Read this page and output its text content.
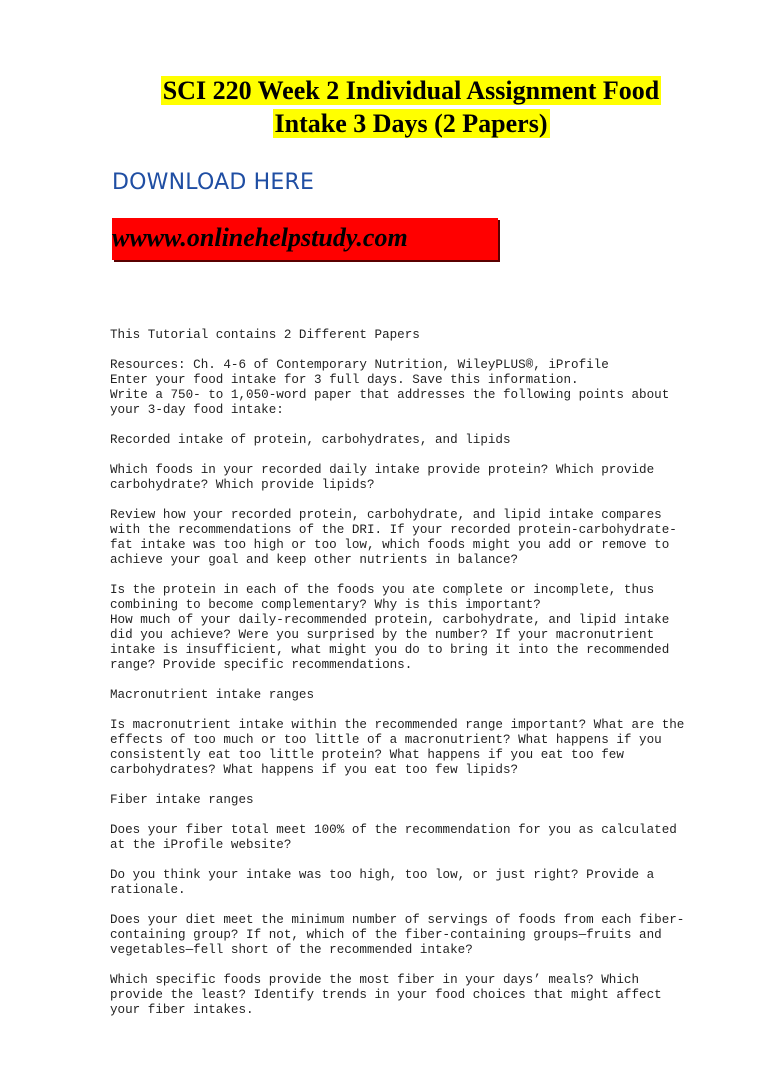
SCI 220 Week 2 Individual Assignment Food
Intake 3 Days (2 Papers)
DOWNLOAD HERE
wwww.onlinehelpstudy.com

This Tutorial contains 2 Different Papers

Resources: Ch. 4-6 of Contemporary Nutrition, WileyPLUS®, iProfile
Enter your food intake for 3 full days. Save this information.
Write a 750- to 1,050-word paper that addresses the following points about
your 3-day food intake:

Recorded intake of protein, carbohydrates, and lipids

Which foods in your recorded daily intake provide protein? Which provide
carbohydrate? Which provide lipids?

Review how your recorded protein, carbohydrate, and lipid intake compares
with the recommendations of the DRI. If your recorded protein-carbohydrate-
fat intake was too high or too low, which foods might you add or remove to
achieve your goal and keep other nutrients in balance?

Is the protein in each of the foods you ate complete or incomplete, thus
combining to become complementary? Why is this important?
How much of your daily-recommended protein, carbohydrate, and lipid intake
did you achieve? Were you surprised by the number? If your macronutrient
intake is insufficient, what might you do to bring it into the recommended
range? Provide specific recommendations.

Macronutrient intake ranges

Is macronutrient intake within the recommended range important? What are the
effects of too much or too little of a macronutrient? What happens if you
consistently eat too little protein? What happens if you eat too few
carbohydrates? What happens if you eat too few lipids?

Fiber intake ranges

Does your fiber total meet 100% of the recommendation for you as calculated
at the iProfile website?

Do you think your intake was too high, too low, or just right? Provide a
rationale.

Does your diet meet the minimum number of servings of foods from each fiber-
containing group? If not, which of the fiber-containing groups—fruits and
vegetables—fell short of the recommended intake?

Which specific foods provide the most fiber in your days’ meals? Which
provide the least? Identify trends in your food choices that might affect
your fiber intakes.
